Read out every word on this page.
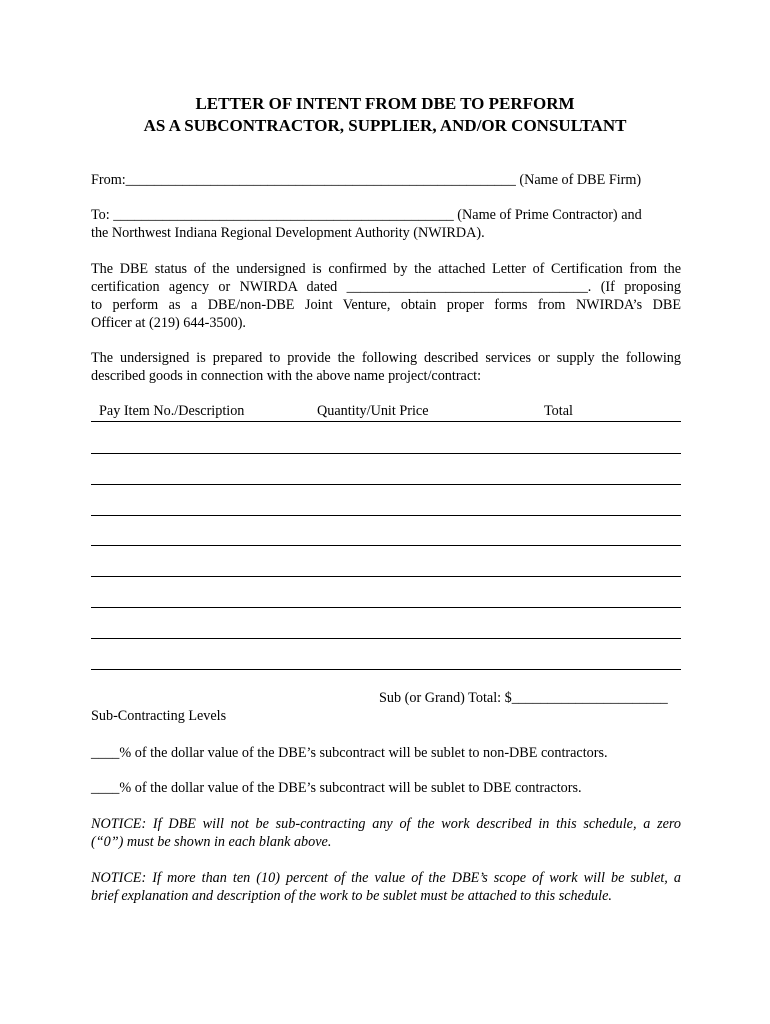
LETTER OF INTENT FROM DBE TO PERFORM
AS A SUBCONTRACTOR, SUPPLIER, AND/OR CONSULTANT
From:_______________________________________________________ (Name of DBE Firm)
To: ________________________________________________ (Name of Prime Contractor) and
the Northwest Indiana Regional Development Authority (NWIRDA).
The DBE status of the undersigned is confirmed by the attached Letter of Certification from the
certification agency or NWIRDA dated __________________________________. (If proposing
to perform as a DBE/non-DBE Joint Venture, obtain proper forms from NWIRDA’s DBE
Officer at (219) 644-3500).
The undersigned is prepared to provide the following described services or supply the following
described goods in connection with the above name project/contract:
Pay Item No./Description	Quantity/Unit Price	Total
Sub (or Grand) Total: $______________________
Sub-Contracting Levels
____% of the dollar value of the DBE’s subcontract will be sublet to non-DBE contractors.
____% of the dollar value of the DBE’s subcontract will be sublet to DBE contractors.
NOTICE: If DBE will not be sub-contracting any of the work described in this schedule, a zero
(“0”) must be shown in each blank above.
NOTICE: If more than ten (10) percent of the value of the DBE’s scope of work will be sublet, a
brief explanation and description of the work to be sublet must be attached to this schedule.
